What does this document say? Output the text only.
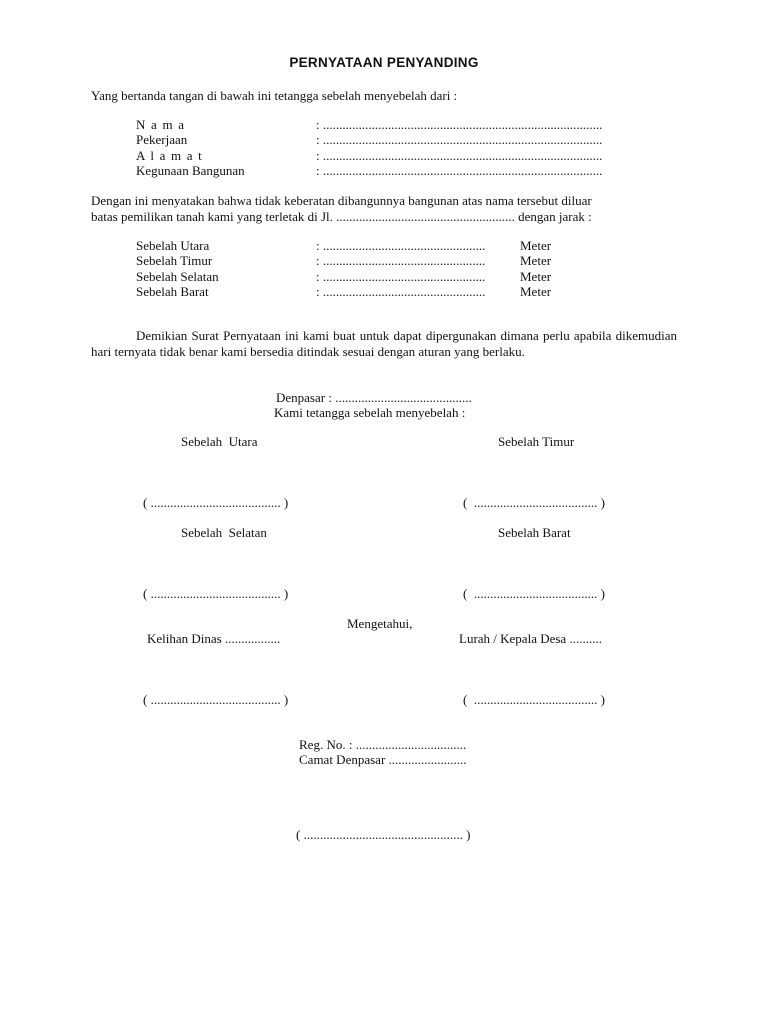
PERNYATAAN PENYANDING
Yang bertanda tangan di bawah ini tetangga sebelah menyebelah dari :
N a m a	: ......................................................................................
Pekerjaan	: ......................................................................................
A l a m a t	: ......................................................................................
Kegunaan Bangunan	: ......................................................................................
Dengan ini menyatakan bahwa tidak keberatan dibangunnya bangunan atas nama tersebut diluar
batas pemilikan tanah kami yang terletak di Jl. ....................................................... dengan jarak :
Sebelah Utara	: ..................................................	Meter
Sebelah Timur	: ..................................................	Meter
Sebelah Selatan	: ..................................................	Meter
Sebelah Barat	: ..................................................	Meter
Demikian Surat Pernyataan ini kami buat untuk dapat dipergunakan dimana perlu apabila dikemudian hari ternyata tidak benar kami bersedia ditindak sesuai dengan aturan yang berlaku.
Denpasar : ..........................................
Kami tetangga sebelah menyebelah :
Sebelah  Utara	Sebelah Timur
( ........................................ )	(  ...................................... )
Sebelah  Selatan	Sebelah Barat
( ........................................ )	(  ...................................... )
Mengetahui,
Kelihan Dinas .................	Lurah / Kepala Desa ..........
( ........................................ )	(  ...................................... )
Reg. No. : ..................................
Camat Denpasar ........................
( ................................................. )
